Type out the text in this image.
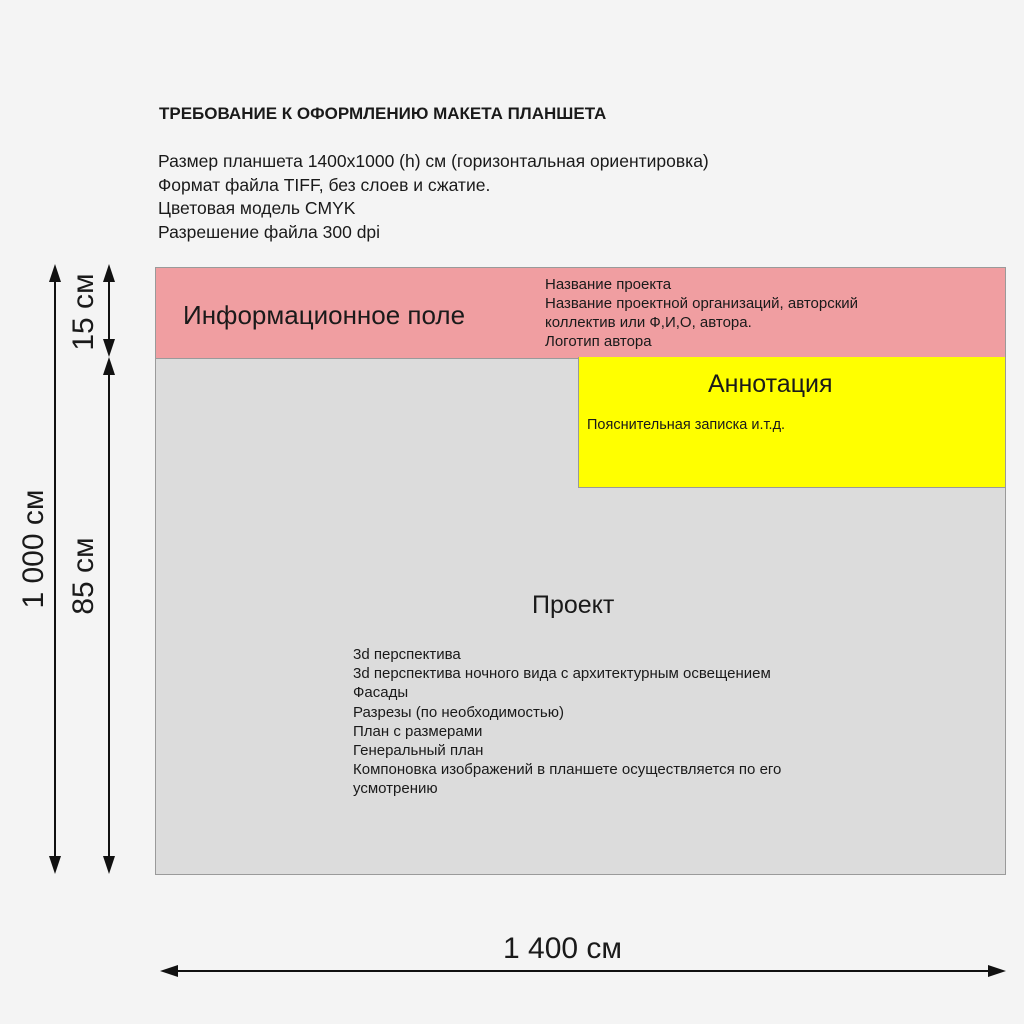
ТРЕБОВАНИЕ К ОФОРМЛЕНИЮ МАКЕТА ПЛАНШЕТА
Размер планшета 1400х1000 (h) см (горизонтальная ориентировка)
Формат файла TIFF, без слоев и сжатие.
Цветовая модель CMYK
Разрешение файла 300 dpi
Информационное поле
Название проекта
Название проектной организаций, авторский
коллектив или Ф,И,О, автора.
Логотип автора
Аннотация
Пояснительная записка и.т.д.
Проект
3d перспектива
3d перспектива ночного вида с архитектурным освещением
Фасады
Разрезы (по необходимостью)
План с размерами
Генеральный план
Компоновка изображений в планшете осуществляется по его
усмотрению
1 000 см
15 см
85 см
1 400 см
